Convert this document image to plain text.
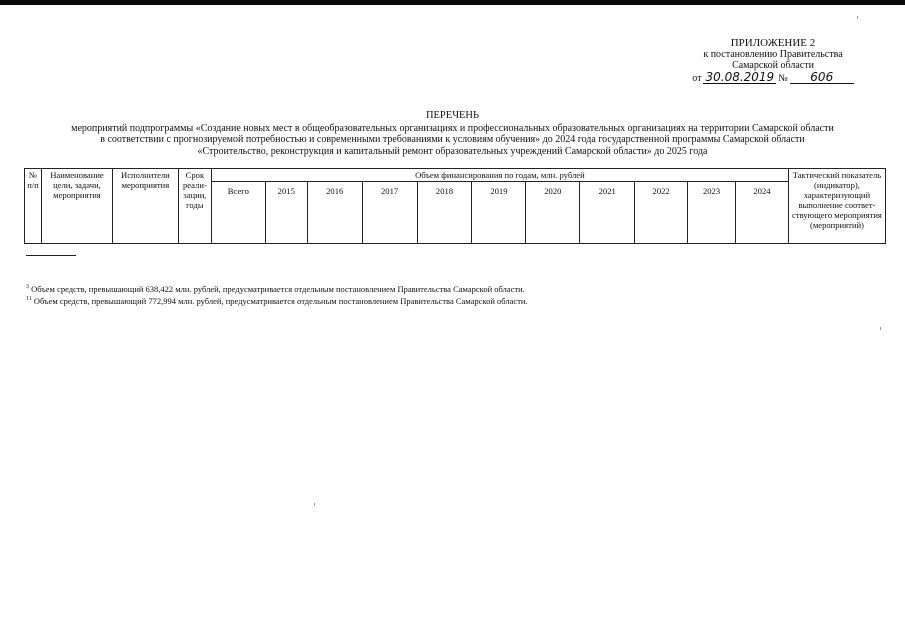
ПРИЛОЖЕНИЕ 2
к постановлению Правительства
Самарской области
от 30.08.2019 №	606
ПЕРЕЧЕНЬ
мероприятий подпрограммы «Создание новых мест в общеобразовательных организациях и профессиональных образовательных организациях на территории Самарской области
в соответствии с прогнозируемой потребностью и современными требованиями к условиям обучения» до 2024 года государственной программы Самарской области
«Строительство, реконструкция и капитальный ремонт образовательных учреждений Самарской области» до 2025 года
№ п/п	Наименование цели, задачи, мероприятия	Исполнители мероприятия	Срок реали-зации, годы	Объем финансирования по годам, млн. рублей											Тактический показатель (индикатор), характеризующий выполнение соответ-ствующего мероприятия (мероприятий)
				Всего	2015	2016	2017	2018	2019	2020	2021	2022	2023	2024	
$^3$ Объем средств, превышающий 638,422 млн. рублей, предусматривается отдельным постановлением Правительства Самарской области.
$^{11}$ Объем средств, превышающий 772,994 млн. рублей, предусматривается отдельным постановлением Правительства Самарской области.
